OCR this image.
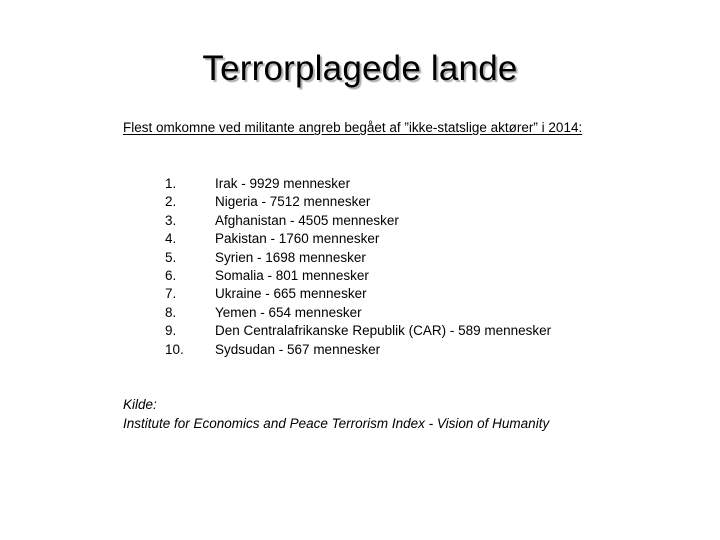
Terrorplagede lande
Flest omkomne ved militante angreb begået af ”ikke-statslige aktører” i 2014:
1.	Irak - 9929 mennesker
2.	Nigeria - 7512 mennesker
3.	Afghanistan - 4505 mennesker
4.	Pakistan - 1760 mennesker
5.	Syrien - 1698 mennesker
6.	Somalia - 801 mennesker
7.	Ukraine - 665 mennesker
8.	Yemen - 654 mennesker
9.	Den Centralafrikanske Republik (CAR) - 589 mennesker
10.	Sydsudan - 567 mennesker
Kilde:
Institute for Economics and Peace Terrorism Index - Vision of Humanity
